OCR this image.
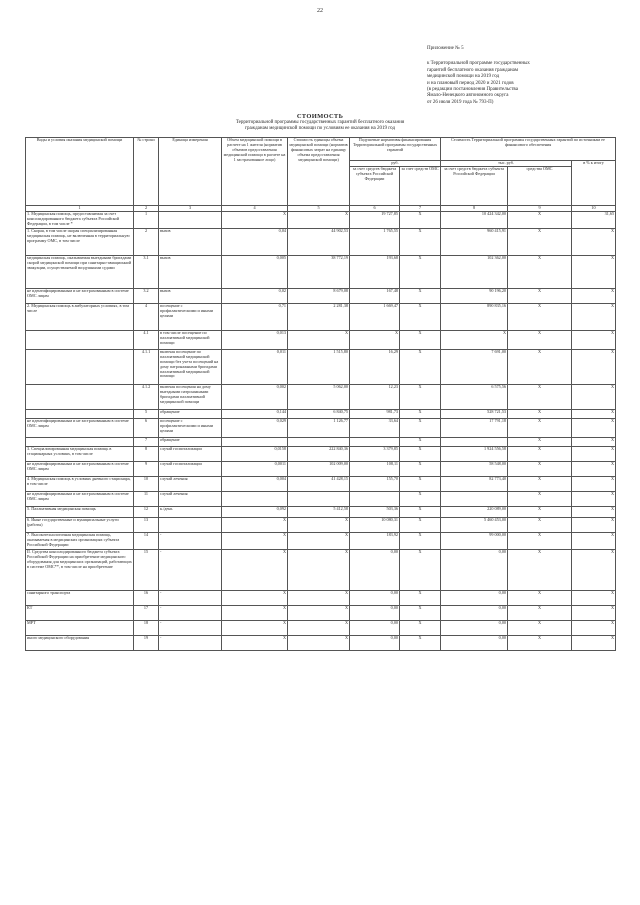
22
Приложение № 5
к Территориальной программе государственных
гарантий бесплатного оказания гражданам
медицинской помощи на 2019 год
и на плановый период 2020 и 2021 годов
(в редакции постановления Правительства
Ямало-Ненецкого автономного округа
от 26 июля 2019 года № 793-П)
СТОИМОСТЬ
Территориальной программы государственных гарантий бесплатного оказания
гражданам медицинской помощи по условиям ее оказания на 2019 год
Виды и условия оказания медицинской помощи	№ строки	Единица измерения	Объем медицинской помощи в расчете на 1 жителя (норматив объемов предоставления медицинской помощи в расчете на 1 застрахованное лицо)	Стоимость единицы объема медицинской помощи (норматив финансовых затрат на единицу объема предоставления медицинской помощи)	Подушевые нормативы финансирования Территориальной программы государственных гарантий		Стоимость Территориальной программы государственных гарантий по источникам ее финансового обеспечения		
					руб.		тыс. руб.		в % к итогу
					за счет средств бюджета субъекта Российской Федерации	за счет средств ОМС	за счет средств бюджета субъекта Российской Федерации	средства ОМС	
1	2	3	4	5	6	7	8	9	10
1. Медицинская помощь, предоставляемая за счет консолидированного бюджета субъекта Российской Федерации, в том числе *	1		X	X	19 727,85	X	10 424 342,00	X	31,65
1. Скорая, в том числе скорая специализированная медицинская помощь, не включенная в территориальную программу ОМС, в том числе	2	вызов	0,04	44 902,53	1 765,55	X	960 415,91	X	X
медицинская помощь, оказываемая выездными бригадами скорой медицинской помощи при санитарно-авиационной эвакуации, осуществляемой воздушными судами	3.1	вызов	0,005	38 772,19	193,68	X	102 362,00	X	X
не идентифицированным и не застрахованным в системе ОМС лицам	3.2	вызов	0,02	8 679,08	167,48	X	90 196,20	X	X
2. Медицинская помощь в амбулаторных условиях, в том числе	4	посещение с профилактическими и иными целями	0,71	2 281,38	1 669,47	X	890 835,16	X	X
	4.1	в том числе посещение по паллиативной медицинской помощи	0,013	X	X	X	X	X	X
	4.1.1	включая посещение по паллиативной медицинской помощи без учета посещений на дому патронажными бригадами паллиативной медицинской помощи	0,011	1 515,80	16,29	X	7 691,00	X	X
	4.1.2	включая посещения на дому выездными патронажными бригадами паллиативной медицинской помощи	0,002	5 062,00	12,23	X	6 575,56	X	X
	5	обращение	0,144	6 840,75	981,73	X	528 721,53	X	X
не идентифицированным и не застрахованным в системе ОМС лицам	6	посещение с профилактическими и иными целями	0,029	1 126,77	33,64	X	17 791,18	X	X
	7	обращение				X		X	X
3. Специализированная медицинская помощь в стационарных условиях, в том числе	8	случай госпитализации	0,0158	222 840,36	3 379,85	X	1 924 556,58	X	X
не идентифицированным и не застрахованным в системе ОМС лицам	9	случай госпитализации	0,0011	102 009,00	108,11	X	58 548,00	X	X
4. Медицинская помощь в условиях дневного стационара, в том числе	10	случай лечения	0,004	41 428,15	155,70	X	82 773,40	X	X
не идентифицированным и не застрахованным в системе ОМС лицам	11	случай лечения				X		X	X
5. Паллиативная медицинская помощь	12	к./день	0,092	5 412,58	503,36	X	220 089,00	X	X
6. Иные государственные и муниципальные услуги (работы)	13		X	X	10 080,31	X	5 460 453,00	X	X
7. Высокотехнологичная медицинская помощь, оказываемая в медицинских организациях субъекта Российской Федерации	14	-	X	X	183,92	X	99 000,00	X	X
II. Средства консолидированного бюджета субъекта Российской Федерации на приобретение медицинского оборудования для медицинских организаций, работающих в системе ОМС**, в том числе на приобретение	15	-	X	X	0,00	X	0,00	X	X
санитарного транспорта	16	-	X	X	0,00	X	0,00	X	X
КТ	17	-	X	X	0,00	X	0,00	X	X
МРТ	18	-	X	X	0,00	X	0,00	X	X
иного медицинского оборудования	19	-	X	X	0,00	X	0,00	X	X
